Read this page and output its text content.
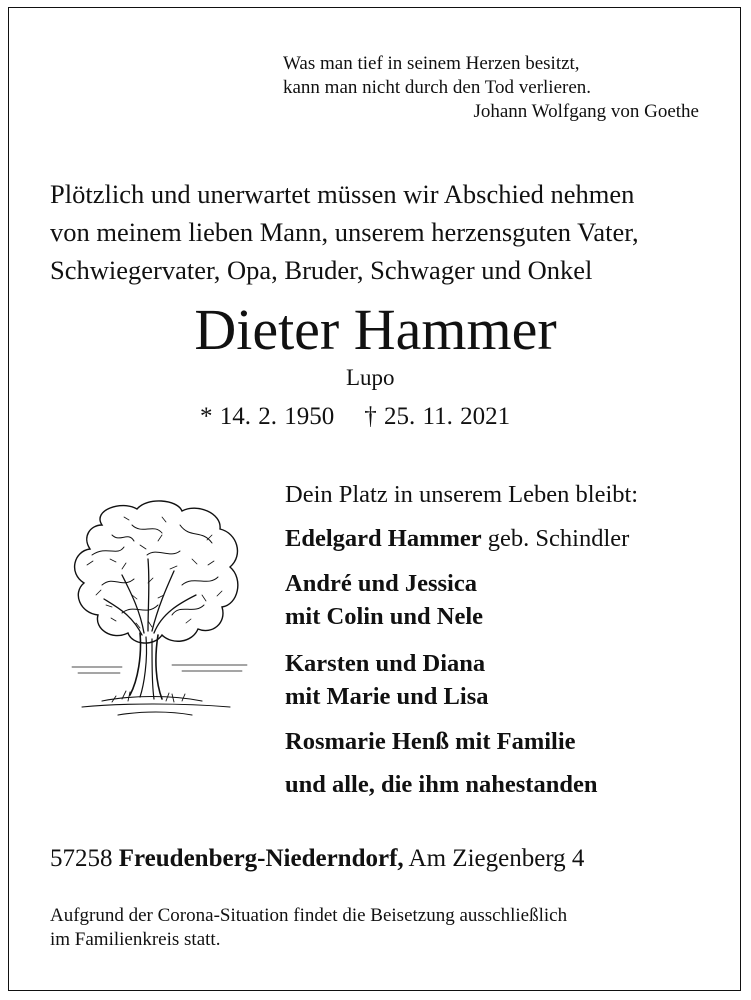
Was man tief in seinem Herzen besitzt,
kann man nicht durch den Tod verlieren.
Johann Wolfgang von Goethe
Plötzlich und unerwartet müssen wir Abschied nehmen
von meinem lieben Mann, unserem herzensguten Vater,
Schwiegervater, Opa, Bruder, Schwager und Onkel
Dieter Hammer
Lupo
* 14. 2. 1950 † 25. 11. 2021
Dein Platz in unserem Leben bleibt:
Edelgard Hammer geb. Schindler
André und Jessica
mit Colin und Nele
Karsten und Diana
mit Marie und Lisa
Rosmarie Henß mit Familie
und alle, die ihm nahestanden
57258 Freudenberg-Niederndorf, Am Ziegenberg 4
Aufgrund der Corona-Situation findet die Beisetzung ausschließlich
im Familienkreis statt.
